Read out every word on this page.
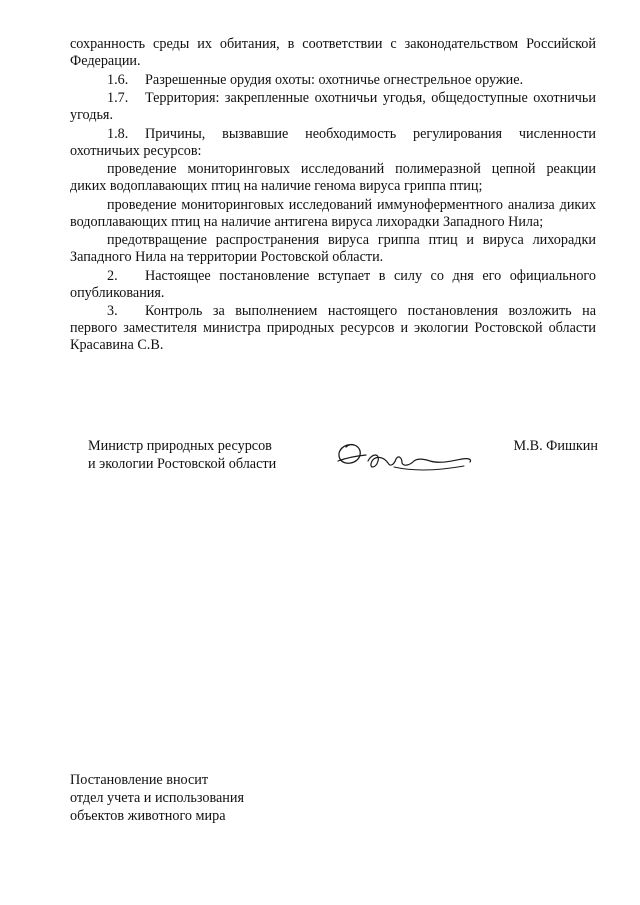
сохранность среды их обитания, в соответствии с законодательством Российской Федерации.

1.6. Разрешенные орудия охоты: охотничье огнестрельное оружие.

1.7. Территория: закрепленные охотничьи угодья, общедоступные охотничьи угодья.

1.8. Причины, вызвавшие необходимость регулирования численности охотничьих ресурсов:

проведение мониторинговых исследований полимеразной цепной реакции диких водоплавающих птиц на наличие генома вируса гриппа птиц;

проведение мониторинговых исследований иммуноферментного анализа диких водоплавающих птиц на наличие антигена вируса лихорадки Западного Нила;

предотвращение распространения вируса гриппа птиц и вируса лихорадки Западного Нила на территории Ростовской области.

2. Настоящее постановление вступает в силу со дня его официального опубликования.

3. Контроль за выполнением настоящего постановления возложить на первого заместителя министра природных ресурсов и экологии Ростовской области Красавина С.В.

Министр природных ресурсов
и экологии Ростовской области
М.В. Фишкин
Постановление вносит
отдел учета и использования
объектов животного мира
